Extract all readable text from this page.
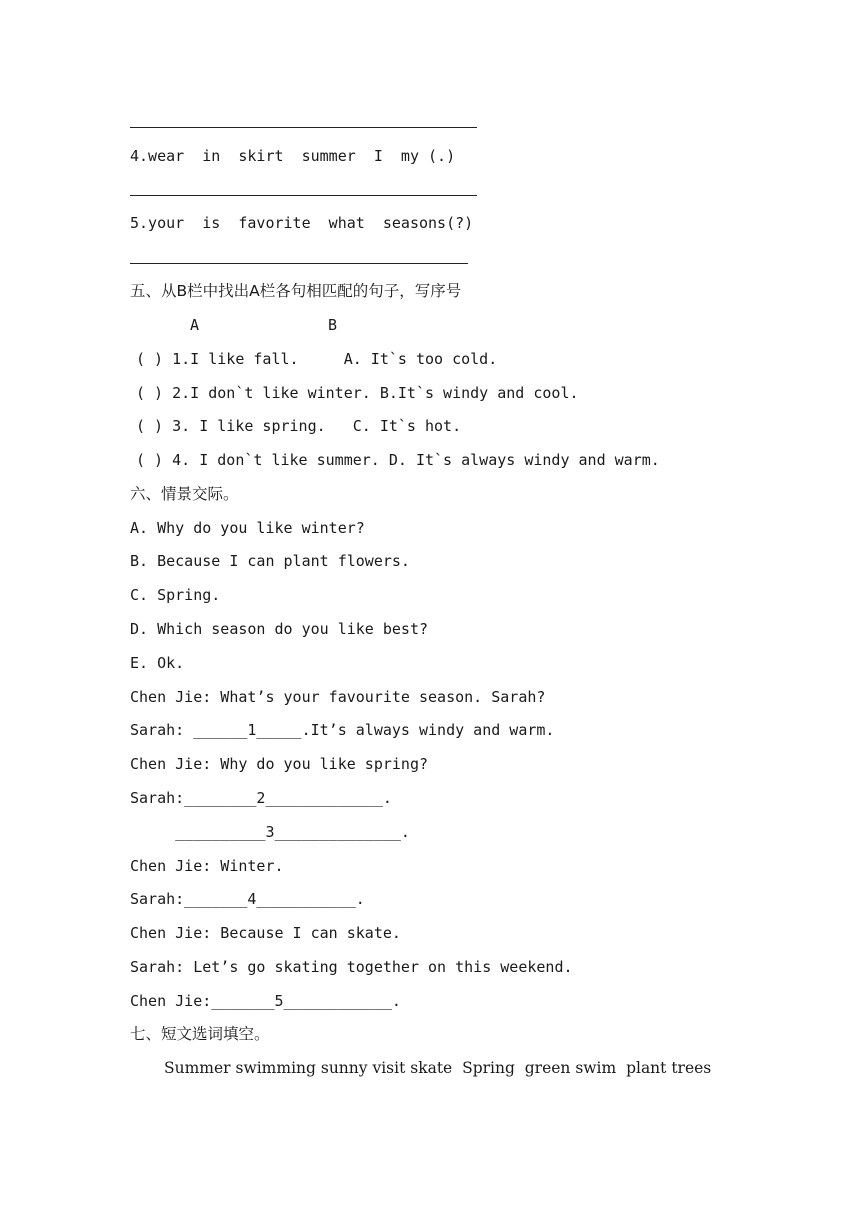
4.wear  in  skirt  summer  I  my (.)
5.your  is  favorite  what  seasons(?)
五、从B栏中找出A栏各句相匹配的句子，写序号
A	B
( ) 1.I like fall.     A. It`s too cold.
( ) 2.I don`t like winter. B.It`s windy and cool.
( ) 3. I like spring.   C. It`s hot.
( ) 4. I don`t like summer. D. It`s always windy and warm.
六、情景交际。
A. Why do you like winter?
B. Because I can plant flowers.
C. Spring.
D. Which season do you like best?
E. Ok.
Chen Jie: What’s your favourite season. Sarah?
Sarah: ______1_____.It’s always windy and warm.
Chen Jie: Why do you like spring?
Sarah:________2_____________.
__________3______________.
Chen Jie: Winter.
Sarah:_______4___________.
Chen Jie: Because I can skate.
Sarah: Let’s go skating together on this weekend.
Chen Jie:_______5____________.
七、短文选词填空。
Summer swimming sunny visit skate  Spring  green swim  plant trees
